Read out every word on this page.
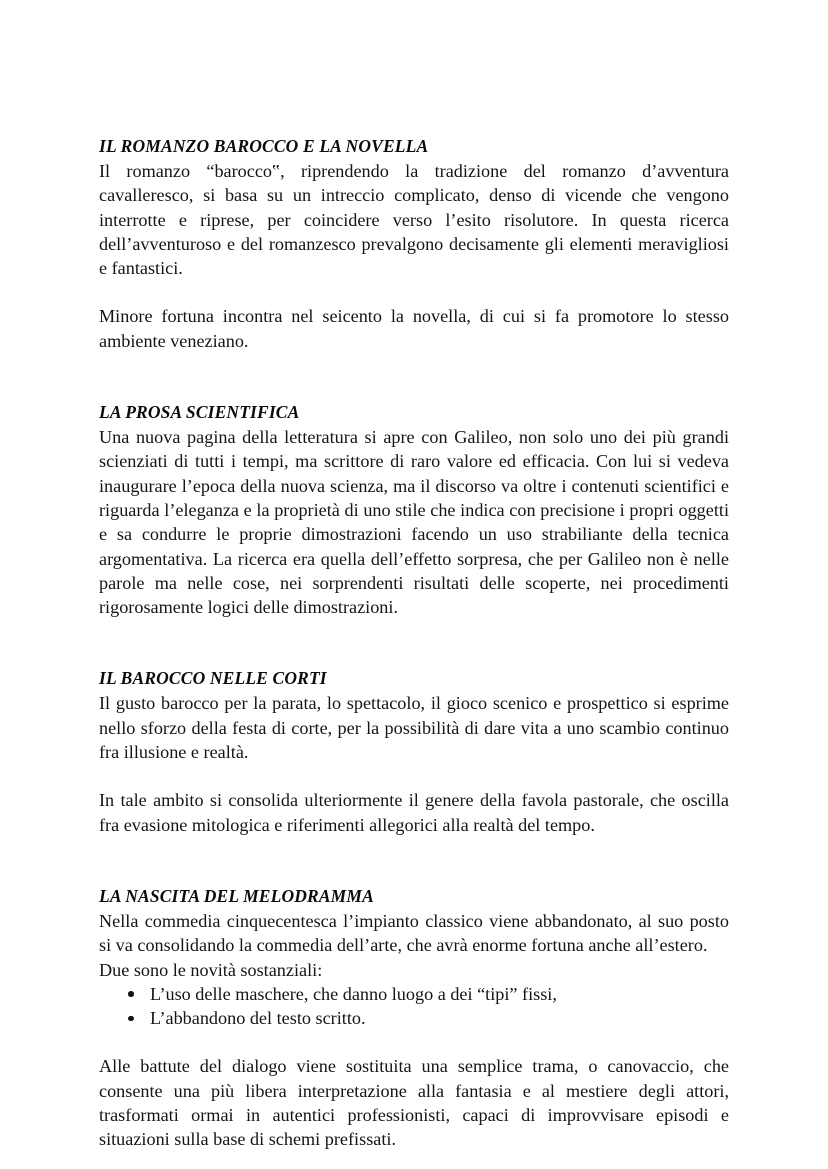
IL ROMANZO BAROCCO E LA NOVELLA

Il romanzo “barocco‟, riprendendo la tradizione del romanzo d’avventura cavalleresco, si basa su un intreccio complicato, denso di vicende che vengono interrotte e riprese, per coincidere verso l’esito risolutore. In questa ricerca dell’avventuroso e del romanzesco prevalgono decisamente gli elementi meravigliosi e fantastici.

Minore fortuna incontra nel seicento la novella, di cui si fa promotore lo stesso ambiente veneziano.

LA PROSA SCIENTIFICA

Una nuova pagina della letteratura si apre con Galileo, non solo uno dei più grandi scienziati di tutti i tempi, ma scrittore di raro valore ed efficacia. Con lui si vedeva inaugurare l’epoca della nuova scienza, ma il discorso va oltre i contenuti scientifici e riguarda l’eleganza e la proprietà di uno stile che indica con precisione i propri oggetti e sa condurre le proprie dimostrazioni facendo un uso strabiliante della tecnica argomentativa. La ricerca era quella dell’effetto sorpresa, che per Galileo non è nelle parole ma nelle cose, nei sorprendenti risultati delle scoperte, nei procedimenti rigorosamente logici delle dimostrazioni.

IL BAROCCO NELLE CORTI

Il gusto barocco per la parata, lo spettacolo, il gioco scenico e prospettico si esprime nello sforzo della festa di corte, per la possibilità di dare vita a uno scambio continuo fra illusione e realtà.

In tale ambito si consolida ulteriormente il genere della favola pastorale, che oscilla fra evasione mitologica e riferimenti allegorici alla realtà del tempo.

LA NASCITA DEL MELODRAMMA

Nella commedia cinquecentesca l’impianto classico viene abbandonato, al suo posto si va consolidando la commedia dell’arte, che avrà enorme fortuna anche all’estero.

Due sono le novità sostanziali:

L’uso delle maschere, che danno luogo a dei “tipi” fissi,
L’abbandono del testo scritto.

Alle battute del dialogo viene sostituita una semplice trama, o canovaccio, che consente una più libera interpretazione alla fantasia e al mestiere degli attori, trasformati ormai in autentici professionisti, capaci di improvvisare episodi e situazioni sulla base di schemi prefissati.
